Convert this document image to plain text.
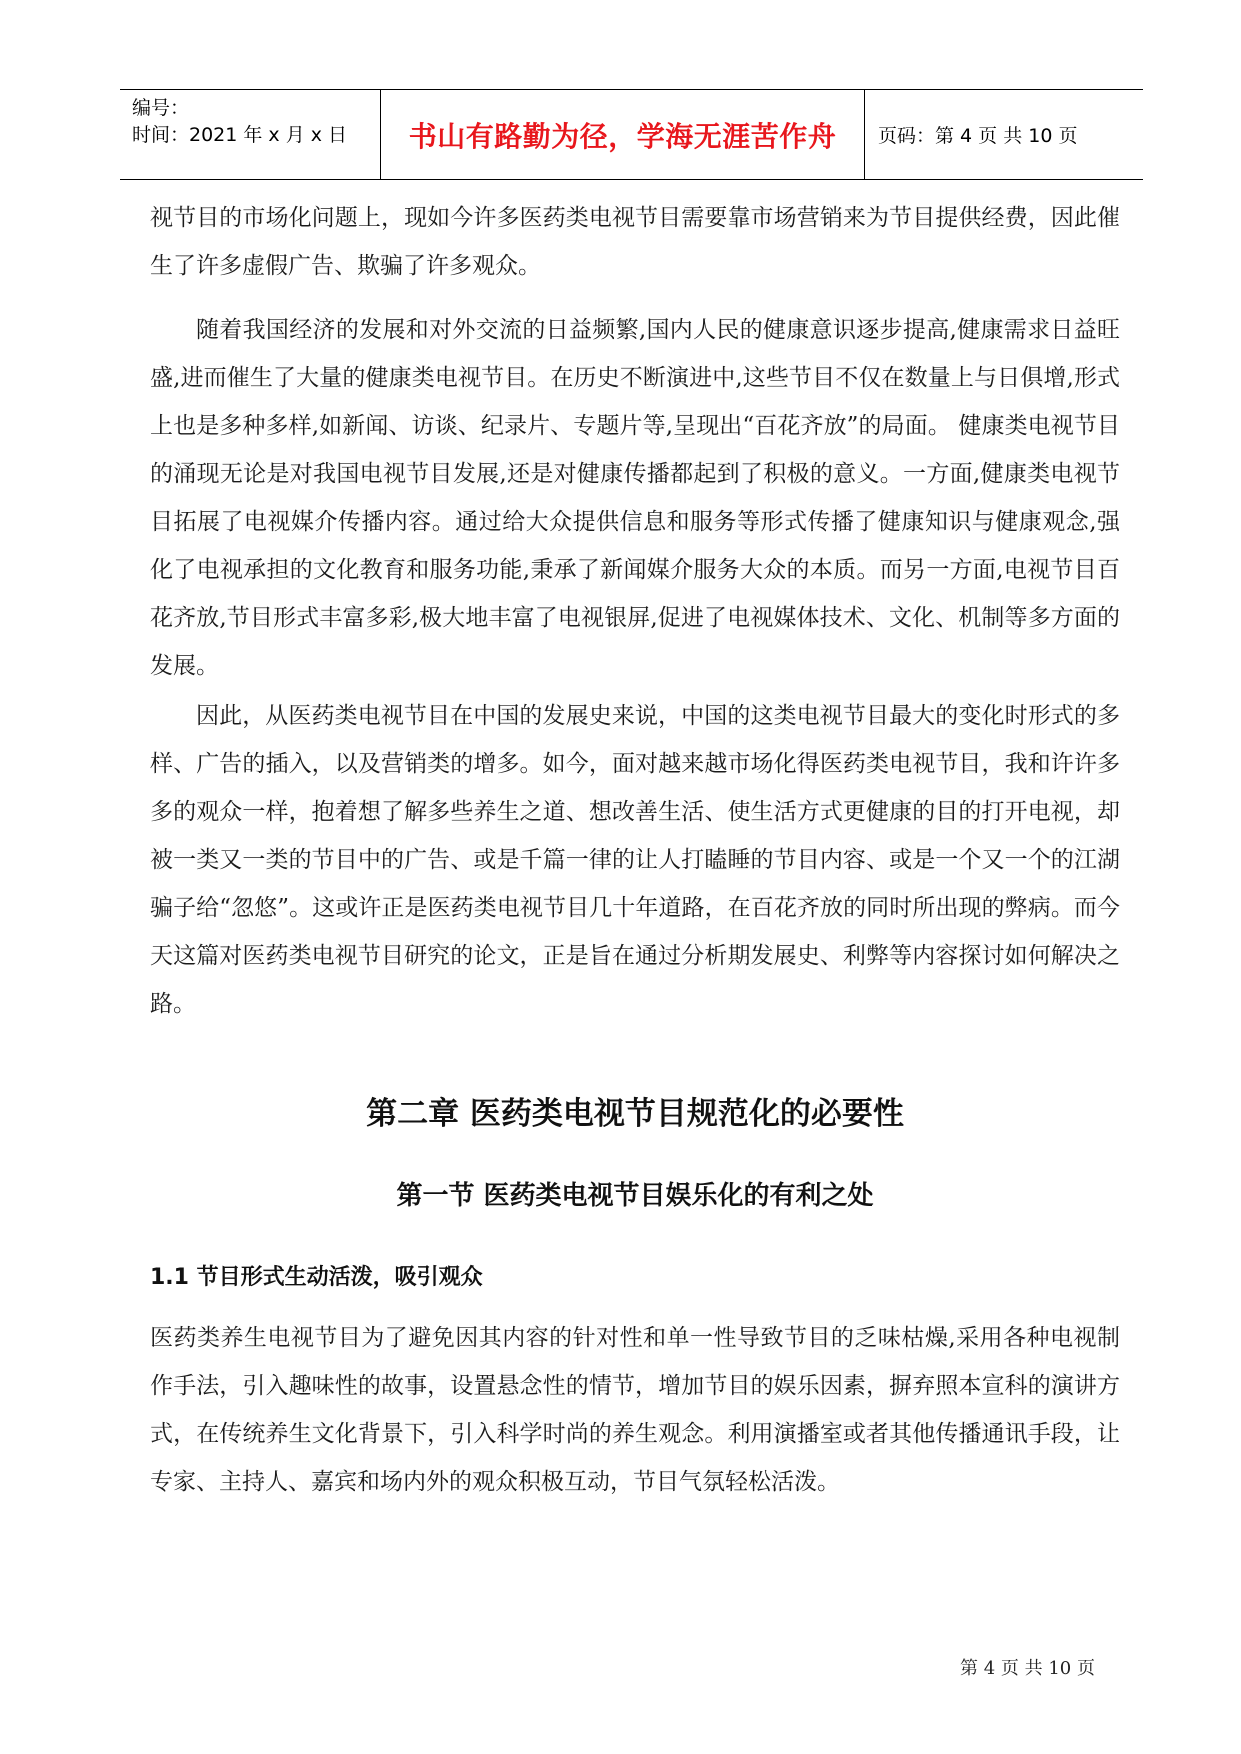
编号：
时间：2021 年 x 月 x 日 书山有路勤为径，学海无涯苦作舟 页码：第 4 页 共 10 页

视节目的市场化问题上，现如今许多医药类电视节目需要靠市场营销来为节目提供经费，因此催生了许多虚假广告、欺骗了许多观众。

随着我国经济的发展和对外交流的日益频繁,国内人民的健康意识逐步提高,健康需求日益旺盛,进而催生了大量的健康类电视节目。在历史不断演进中,这些节目不仅在数量上与日俱增,形式上也是多种多样,如新闻、访谈、纪录片、专题片等,呈现出“百花齐放”的局面。 健康类电视节目的涌现无论是对我国电视节目发展,还是对健康传播都起到了积极的意义。一方面,健康类电视节目拓展了电视媒介传播内容。通过给大众提供信息和服务等形式传播了健康知识与健康观念,强化了电视承担的文化教育和服务功能,秉承了新闻媒介服务大众的本质。而另一方面,电视节目百花齐放,节目形式丰富多彩,极大地丰富了电视银屏,促进了电视媒体技术、文化、机制等多方面的发展。

因此，从医药类电视节目在中国的发展史来说，中国的这类电视节目最大的变化时形式的多样、广告的插入，以及营销类的增多。如今，面对越来越市场化得医药类电视节目，我和许许多多的观众一样，抱着想了解多些养生之道、想改善生活、使生活方式更健康的目的打开电视，却被一类又一类的节目中的广告、或是千篇一律的让人打瞌睡的节目内容、或是一个又一个的江湖骗子给“忽悠”。这或许正是医药类电视节目几十年道路，在百花齐放的同时所出现的弊病。而今天这篇对医药类电视节目研究的论文，正是旨在通过分析期发展史、利弊等内容探讨如何解决之路。

第二章 医药类电视节目规范化的必要性
第一节 医药类电视节目娱乐化的有利之处
1.1 节目形式生动活泼，吸引观众

医药类养生电视节目为了避免因其内容的针对性和单一性导致节目的乏味枯燥,采用各种电视制作手法，引入趣味性的故事，设置悬念性的情节，增加节目的娱乐因素，摒弃照本宣科的演讲方式，在传统养生文化背景下，引入科学时尚的养生观念。利用演播室或者其他传播通讯手段，让专家、主持人、嘉宾和场内外的观众积极互动，节目气氛轻松活泼。

第 4 页 共 10 页
